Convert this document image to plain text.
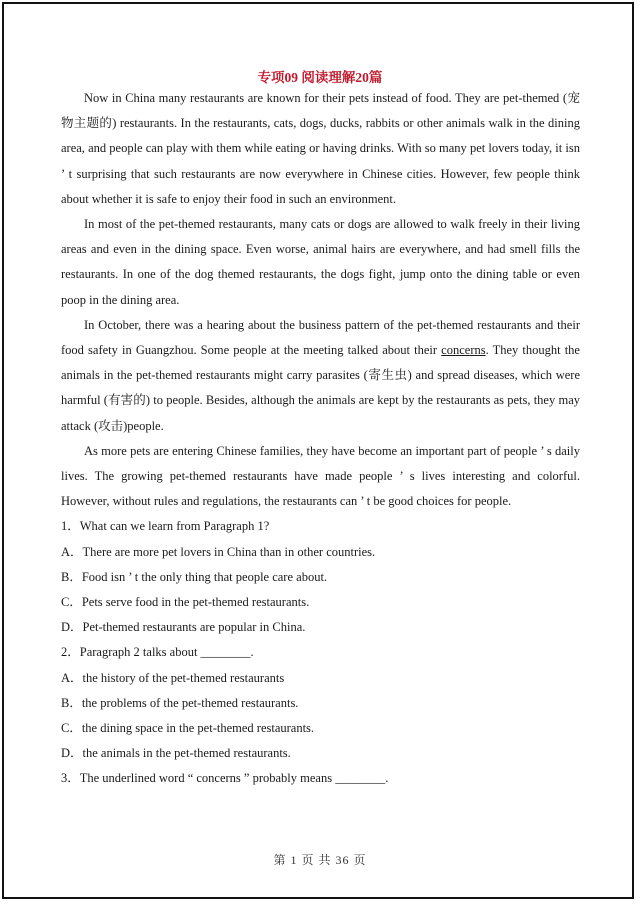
专项09 阅读理解20篇

Now in China many restaurants are known for their pets instead of food. They are pet-themed (宠物主题的) restaurants. In the restaurants, cats, dogs, ducks, rabbits or other animals walk in the dining area, and people can play with them while eating or having drinks. With so many pet lovers today, it isn ’ t surprising that such restaurants are now everywhere in Chinese cities. However, few people think about whether it is safe to enjoy their food in such an environment.

In most of the pet-themed restaurants, many cats or dogs are allowed to walk freely in their living areas and even in the dining space. Even worse, animal hairs are everywhere, and had smell fills the restaurants. In one of the dog themed restaurants, the dogs fight, jump onto the dining table or even poop in the dining area.

In October, there was a hearing about the business pattern of the pet-themed restaurants and their food safety in Guangzhou. Some people at the meeting talked about their concerns. They thought the animals in the pet-themed restaurants might carry parasites (寄生虫) and spread diseases, which were harmful (有害的) to people. Besides, although the animals are kept by the restaurants as pets, they may attack (攻击)people.

As more pets are entering Chinese families, they have become an important part of people ’ s daily lives. The growing pet-themed restaurants have made people ’ s lives interesting and colorful. However, without rules and regulations, the restaurants can ’ t be good choices for people.

1．What can we learn from Paragraph 1?

A．There are more pet lovers in China than in other countries.

B．Food isn ’ t the only thing that people care about.

C．Pets serve food in the pet-themed restaurants.

D．Pet-themed restaurants are popular in China.

2．Paragraph 2 talks about ________.

A．the history of the pet-themed restaurants

B．the problems of the pet-themed restaurants.

C．the dining space in the pet-themed restaurants.

D．the animals in the pet-themed restaurants.

3．The underlined word “ concerns ” probably means ________.

第 1 页 共 36 页
